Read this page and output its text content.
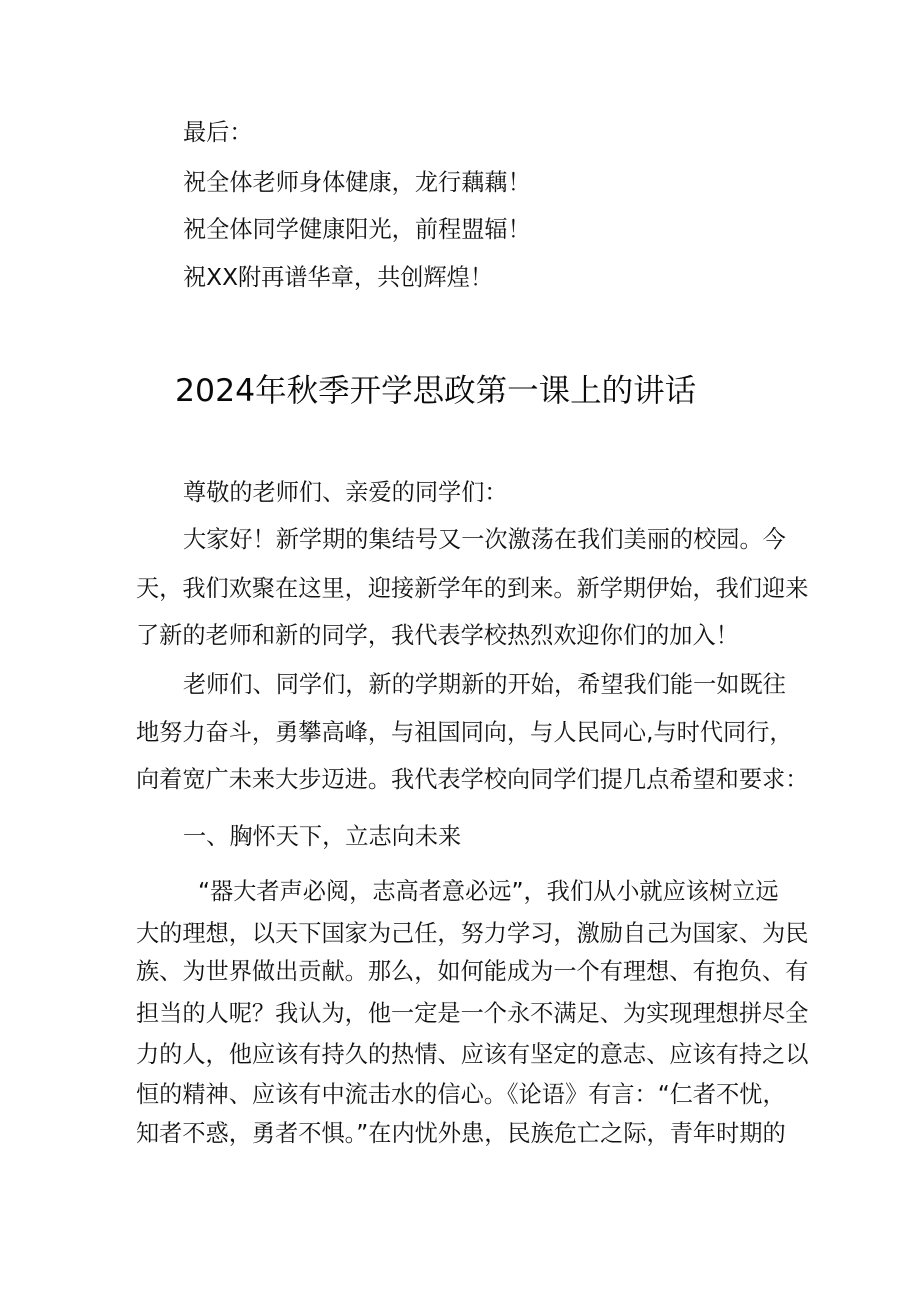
最后：
祝全体老师身体健康，龙行藕藕！
祝全体同学健康阳光，前程盟辐！
祝XX附再谱华章，共创辉煌！
2024年秋季开学思政第一课上的讲话
尊敬的老师们、亲爱的同学们：
大家好！新学期的集结号又一次激荡在我们美丽的校园。今
天，我们欢聚在这里，迎接新学年的到来。新学期伊始，我们迎来
了新的老师和新的同学，我代表学校热烈欢迎你们的加入！
老师们、同学们，新的学期新的开始，希望我们能一如既往
地努力奋斗，勇攀高峰，与祖国同向，与人民同心,与时代同行，
向着宽广未来大步迈进。我代表学校向同学们提几点希望和要求：
一、胸怀天下，立志向未来
“器大者声必阅，志高者意必远”，我们从小就应该树立远
大的理想，以天下国家为己任，努力学习，激励自己为国家、为民
族、为世界做出贡献。那么，如何能成为一个有理想、有抱负、有
担当的人呢？我认为，他一定是一个永不满足、为实现理想拼尽全
力的人，他应该有持久的热情、应该有坚定的意志、应该有持之以
恒的精神、应该有中流击水的信心。《论语》有言：“仁者不忧，
知者不惑，勇者不惧。”在内忧外患，民族危亡之际，青年时期的
